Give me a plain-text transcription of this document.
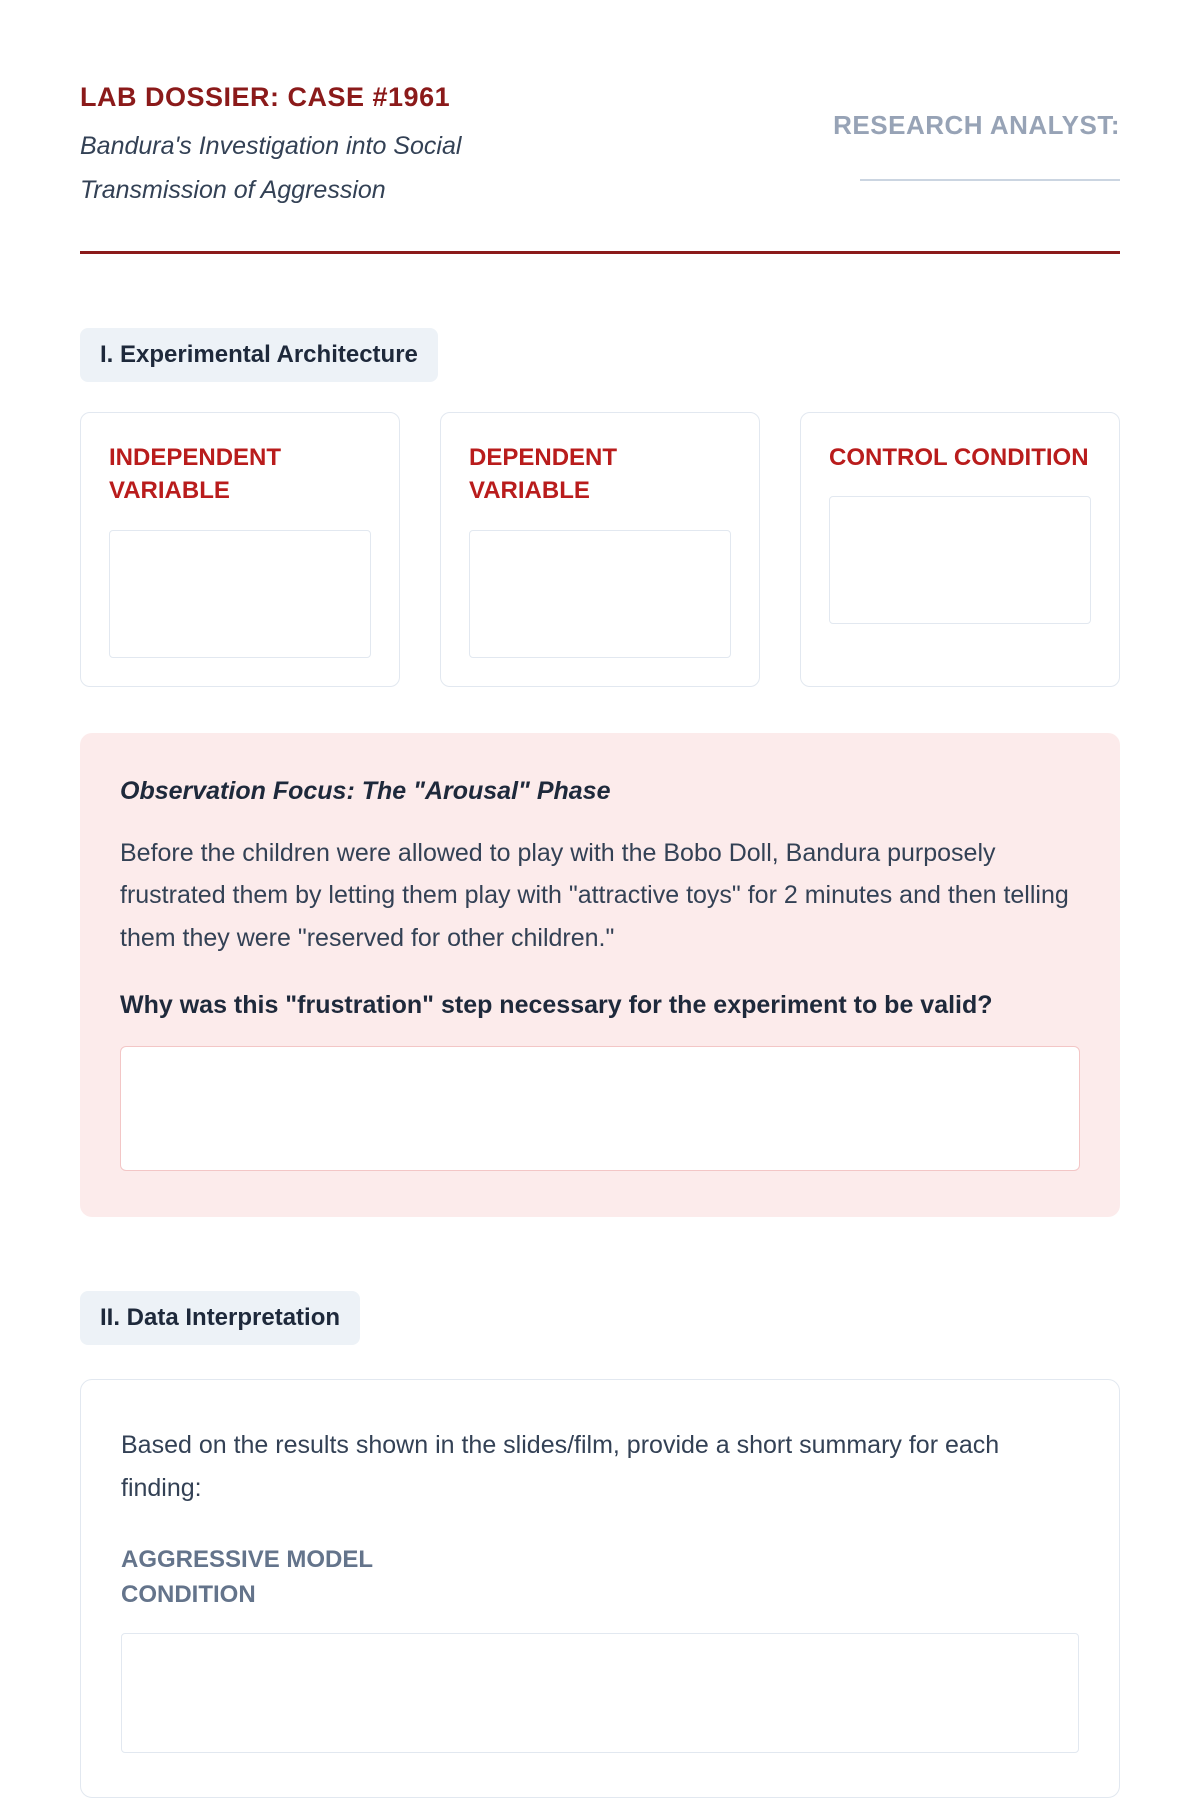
LAB DOSSIER: CASE #1961

Bandura's Investigation into Social Transmission of Aggression

RESEARCH ANALYST:
I. Experimental Architecture
INDEPENDENT VARIABLE
DEPENDENT VARIABLE
CONTROL CONDITION
Observation Focus: The "Arousal" Phase

Before the children were allowed to play with the Bobo Doll, Bandura purposely frustrated them by letting them play with "attractive toys" for 2 minutes and then telling them they were "reserved for other children."

Why was this "frustration" step necessary for the experiment to be valid?

II. Data Interpretation

Based on the results shown in the slides/film, provide a short summary for each finding:

AGGRESSIVE MODEL CONDITION
